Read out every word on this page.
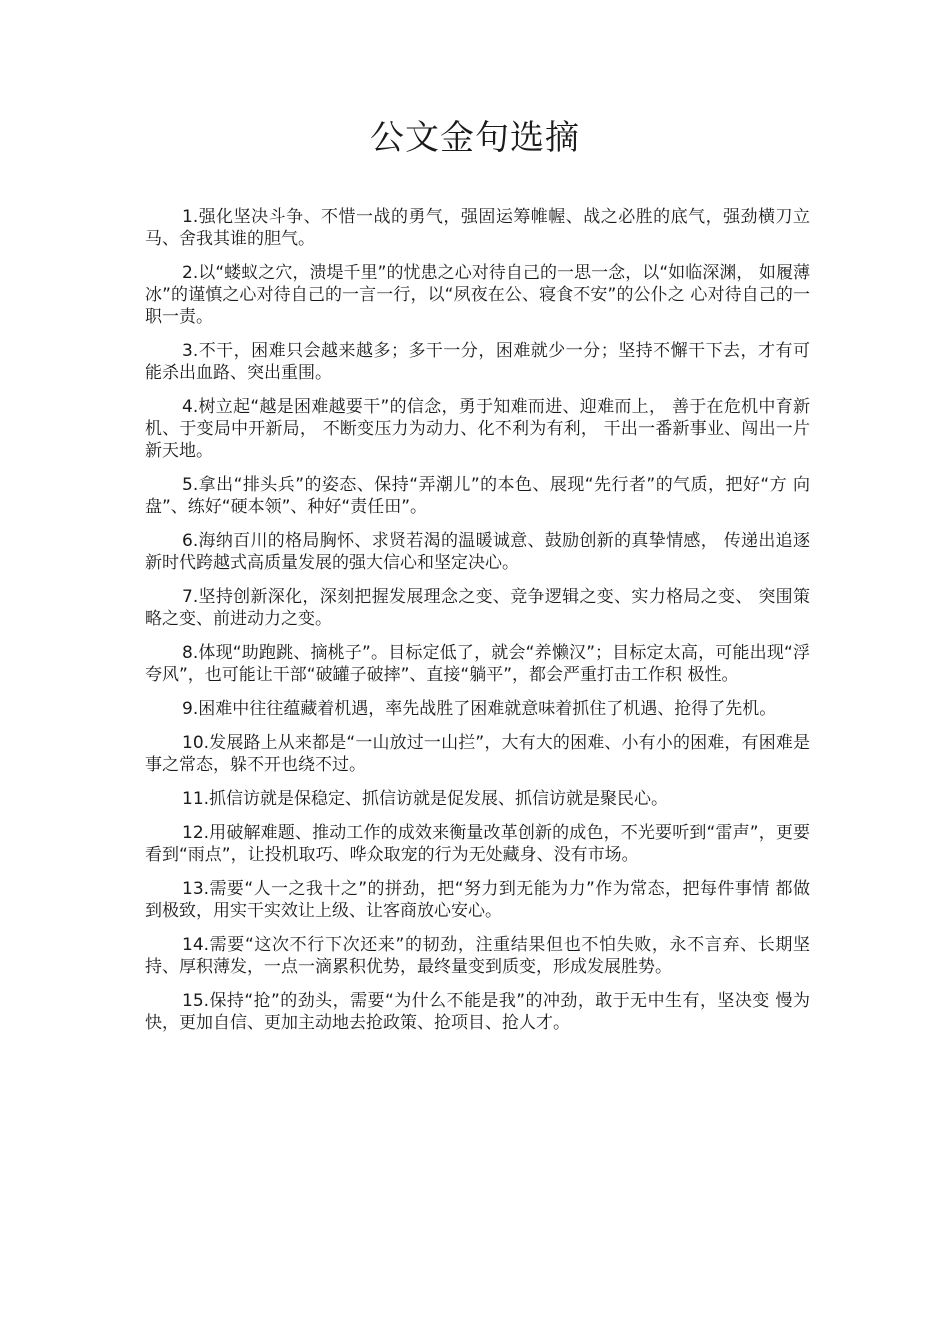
公文金句选摘

1.强化坚决斗争、不惜一战的勇气，强固运筹帷幄、战之必胜的底气，强劲横刀立马、舍我其谁的胆气。

2.以“蝼蚁之穴，溃堤千里”的忧患之心对待自己的一思一念，以“如临深渊， 如履薄冰”的谨慎之心对待自己的一言一行，以“夙夜在公、寝食不安”的公仆之 心对待自己的一职一责。

3.不干，困难只会越来越多；多干一分，困难就少一分；坚持不懈干下去，才有可能杀出血路、突出重围。

4.树立起“越是困难越要干”的信念，勇于知难而进、迎难而上， 善于在危机中育新机、于变局中开新局， 不断变压力为动力、化不利为有利， 干出一番新事业、闯出一片新天地。

5.拿出“排头兵”的姿态、保持“弄潮儿”的本色、展现“先行者”的气质，把好“方 向盘”、练好“硬本领”、种好“责任田”。

6.海纳百川的格局胸怀、求贤若渴的温暖诚意、鼓励创新的真挚情感， 传递出追逐新时代跨越式高质量发展的强大信心和坚定决心。

7.坚持创新深化，深刻把握发展理念之变、竞争逻辑之变、实力格局之变、 突围策略之变、前进动力之变。

8.体现“助跑跳、摘桃子”。目标定低了，就会“养懒汉”；目标定太高，可能出现“浮夸风”，也可能让干部“破罐子破摔”、直接“躺平”，都会严重打击工作积 极性。

9.困难中往往蕴藏着机遇，率先战胜了困难就意味着抓住了机遇、抢得了先机。

10.发展路上从来都是“一山放过一山拦”，大有大的困难、小有小的困难，有困难是事之常态，躲不开也绕不过。

11.抓信访就是保稳定、抓信访就是促发展、抓信访就是聚民心。

12.用破解难题、推动工作的成效来衡量改革创新的成色，不光要听到“雷声”，更要看到“雨点”，让投机取巧、哗众取宠的行为无处藏身、没有市场。

13.需要“人一之我十之”的拼劲，把“努力到无能为力”作为常态，把每件事情 都做到极致，用实干实效让上级、让客商放心安心。

14.需要“这次不行下次还来”的韧劲，注重结果但也不怕失败，永不言弃、长期坚持、厚积薄发，一点一滴累积优势，最终量变到质变，形成发展胜势。

15.保持“抢”的劲头，需要“为什么不能是我”的冲劲，敢于无中生有，坚决变 慢为快，更加自信、更加主动地去抢政策、抢项目、抢人才。
